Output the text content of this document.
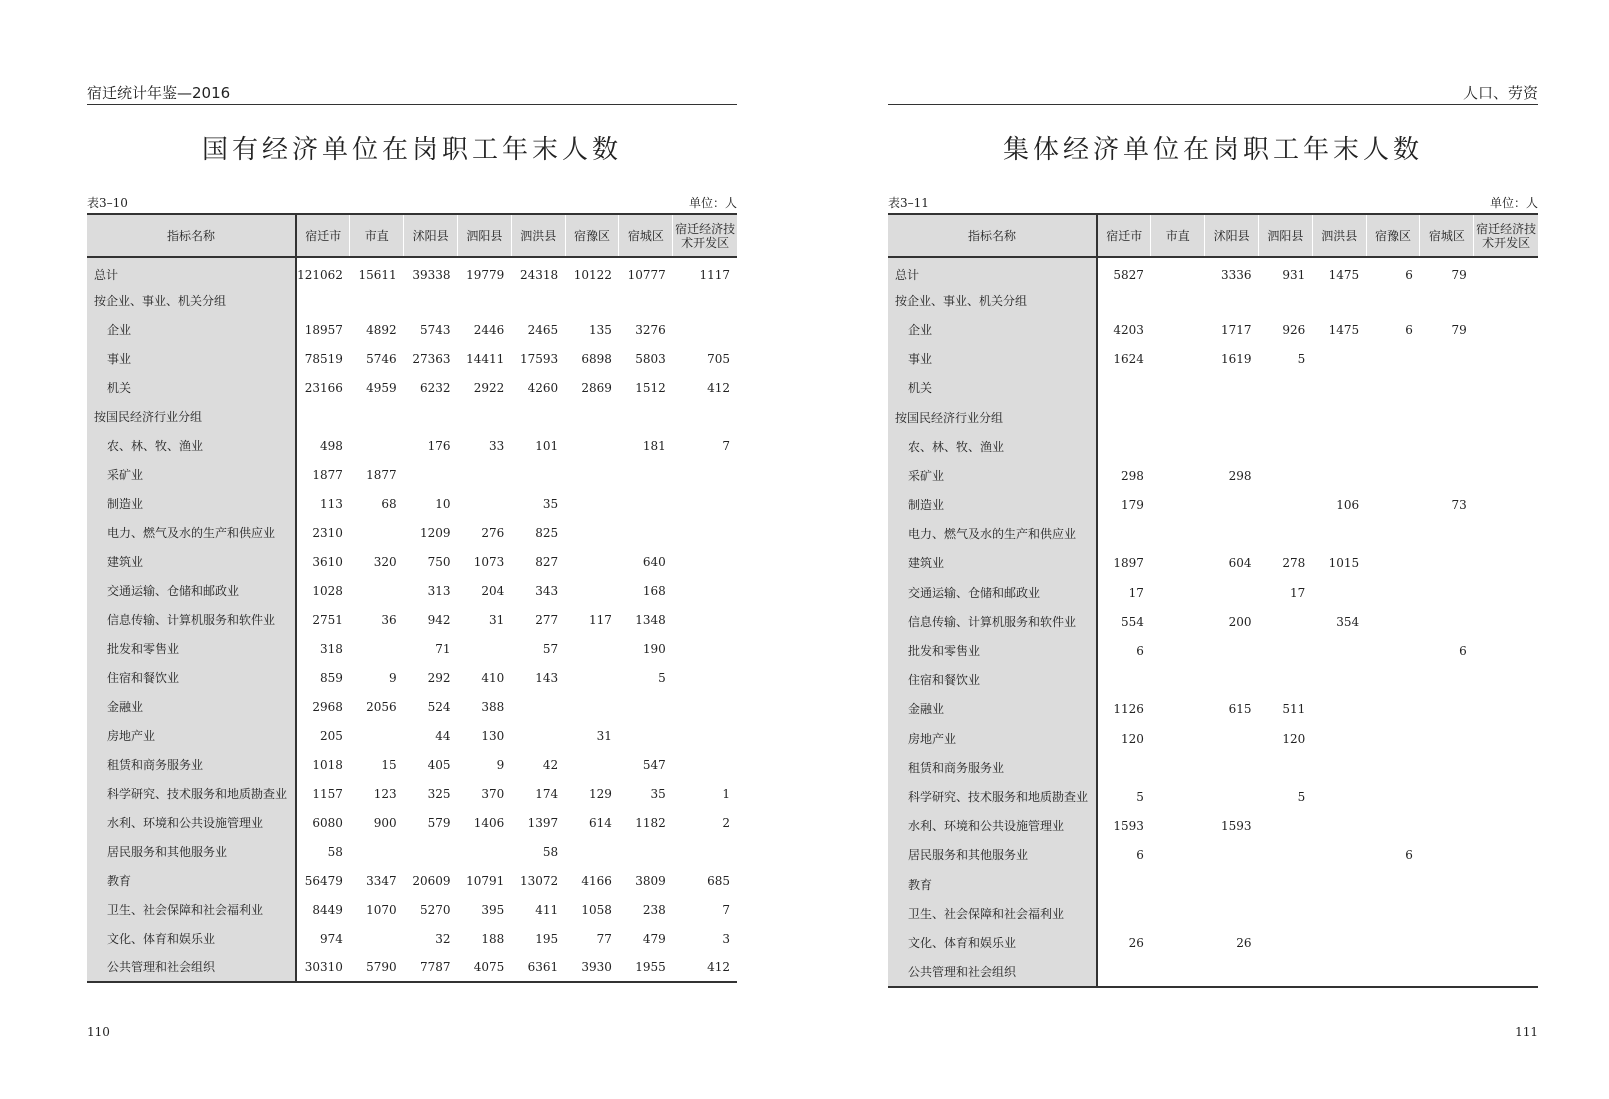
宿迁统计年鉴—2016
国有经济单位在岗职工年末人数
表3–10	单位：人
指标名称	宿迁市	市直	沭阳县	泗阳县	泗洪县	宿豫区	宿城区	宿迁经济技术开发区
总计	121062	15611	39338	19779	24318	10122	10777	1117
按企业、事业、机关分组								
企业	18957	4892	5743	2446	2465	135	3276	
事业	78519	5746	27363	14411	17593	6898	5803	705
机关	23166	4959	6232	2922	4260	2869	1512	412
按国民经济行业分组								
农、林、牧、渔业	498		176	33	101		181	7
采矿业	1877	1877						
制造业	113	68	10		35			
电力、燃气及水的生产和供应业	2310		1209	276	825			
建筑业	3610	320	750	1073	827		640	
交通运输、仓储和邮政业	1028		313	204	343		168	
信息传输、计算机服务和软件业	2751	36	942	31	277	117	1348	
批发和零售业	318		71		57		190	
住宿和餐饮业	859	9	292	410	143		5	
金融业	2968	2056	524	388				
房地产业	205		44	130		31		
租赁和商务服务业	1018	15	405	9	42		547	
科学研究、技术服务和地质勘查业	1157	123	325	370	174	129	35	1
水利、环境和公共设施管理业	6080	900	579	1406	1397	614	1182	2
居民服务和其他服务业	58				58			
教育	56479	3347	20609	10791	13072	4166	3809	685
卫生、社会保障和社会福利业	8449	1070	5270	395	411	1058	238	7
文化、体育和娱乐业	974		32	188	195	77	479	3
公共管理和社会组织	30310	5790	7787	4075	6361	3930	1955	412
110
人口、劳资
集体经济单位在岗职工年末人数
表3–11	单位：人
指标名称	宿迁市	市直	沭阳县	泗阳县	泗洪县	宿豫区	宿城区	宿迁经济技术开发区
总计	5827		3336	931	1475	6	79	
按企业、事业、机关分组								
企业	4203		1717	926	1475	6	79	
事业	1624		1619	5				
机关								
按国民经济行业分组								
农、林、牧、渔业								
采矿业	298		298					
制造业	179				106		73	
电力、燃气及水的生产和供应业								
建筑业	1897		604	278	1015			
交通运输、仓储和邮政业	17			17				
信息传输、计算机服务和软件业	554		200		354			
批发和零售业	6						6	
住宿和餐饮业								
金融业	1126		615	511				
房地产业	120			120				
租赁和商务服务业								
科学研究、技术服务和地质勘查业	5			5				
水利、环境和公共设施管理业	1593		1593					
居民服务和其他服务业	6					6		
教育								
卫生、社会保障和社会福利业								
文化、体育和娱乐业	26		26					
公共管理和社会组织								
111
